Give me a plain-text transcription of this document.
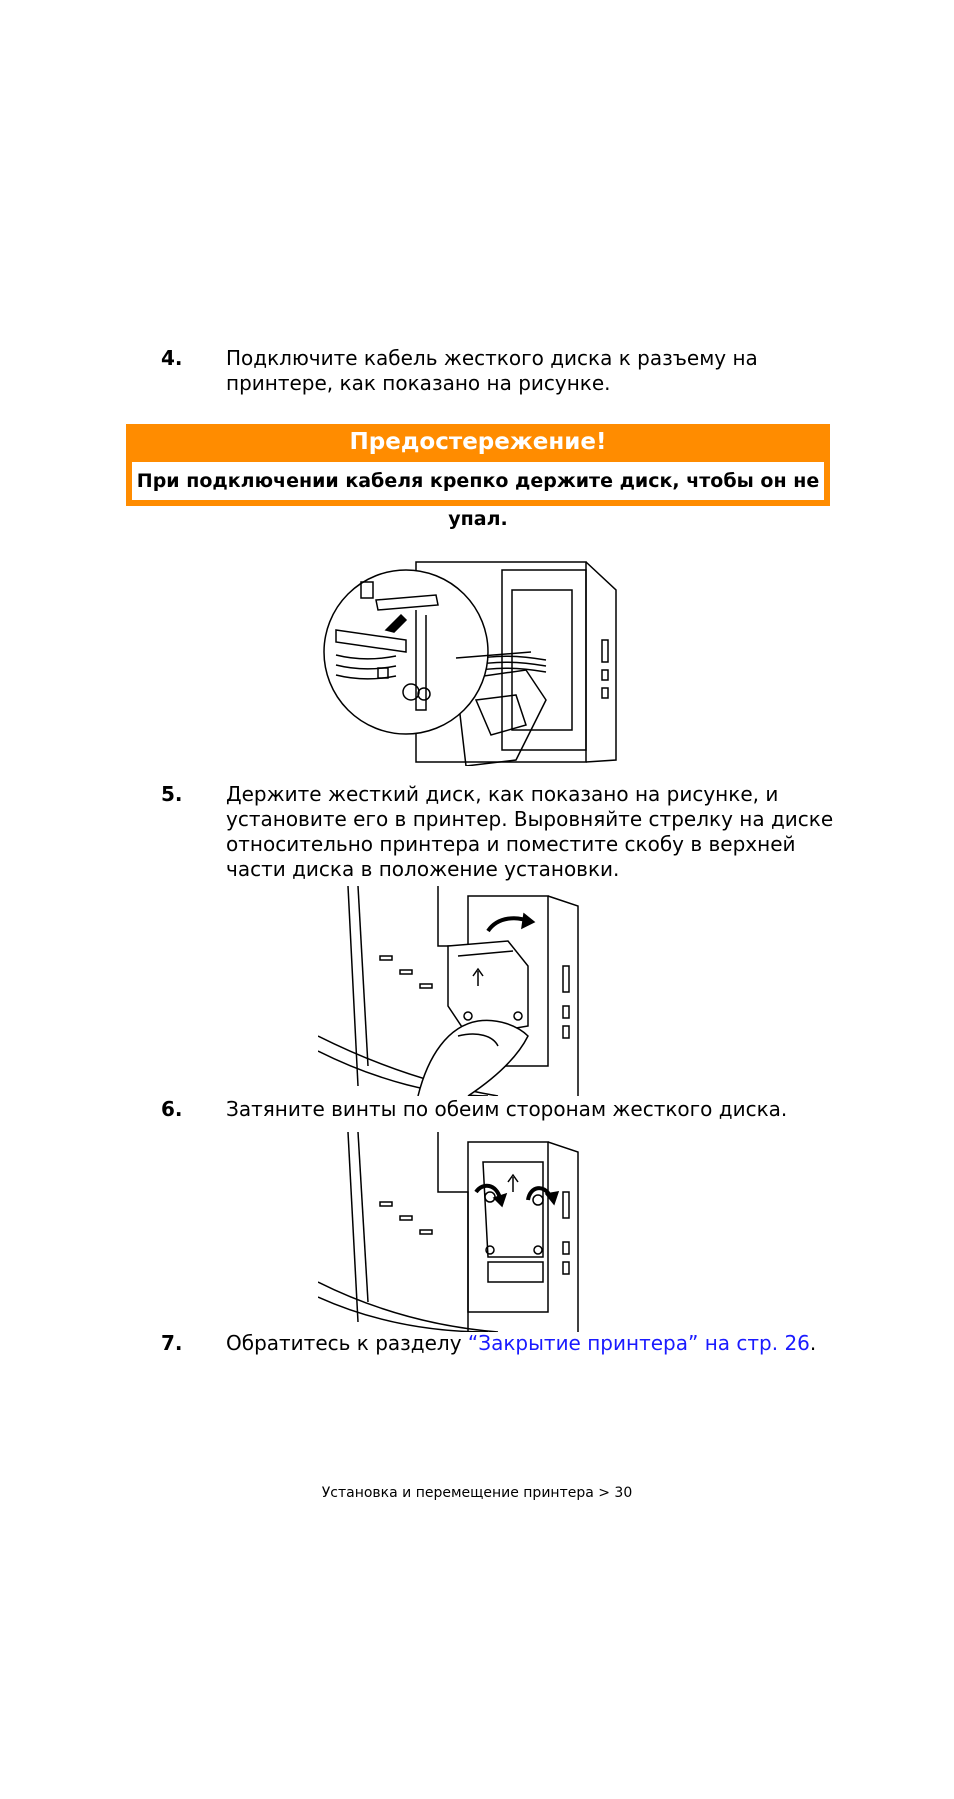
4. Подключите кабель жесткого диска к разъему на принтере, как показано на рисунке.
Предостережение!
При подключении кабеля крепко держите диск, чтобы он не упал.
5. Держите жесткий диск, как показано на рисунке, и установите его в принтер. Выровняйте стрелку на диске относительно принтера и поместите скобу в верхней части диска в положение установки.
6. Затяните винты по обеим сторонам жесткого диска.
7. Обратитесь к разделу “Закрытие принтера” на стр. 26.
Установка и перемещение принтера > 30
